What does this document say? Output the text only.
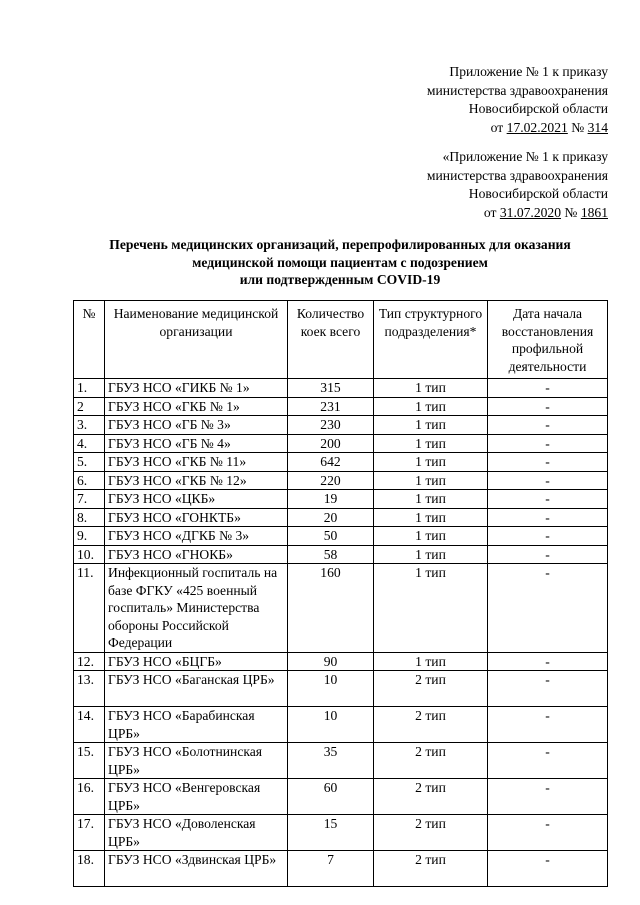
Приложение № 1 к приказу
министерства здравоохранения
Новосибирской области
от 17.02.2021 № 314
«Приложение № 1 к приказу
министерства здравоохранения
Новосибирской области
от 31.07.2020 № 1861
Перечень медицинских организаций, перепрофилированных для оказания
медицинской помощи пациентам с подозрением
или подтвержденным COVID-19
№	Наименование медицинской организации	Количество коек всего	Тип структурного подразделения*	Дата начала восстановления профильной деятельности
1.	ГБУЗ НСО «ГИКБ № 1»	315	1 тип	-
2	ГБУЗ НСО «ГКБ № 1»	231	1 тип	-
3.	ГБУЗ НСО «ГБ № 3»	230	1 тип	-
4.	ГБУЗ НСО «ГБ № 4»	200	1 тип	-
5.	ГБУЗ НСО «ГКБ № 11»	642	1 тип	-
6.	ГБУЗ НСО «ГКБ № 12»	220	1 тип	-
7.	ГБУЗ НСО «ЦКБ»	19	1 тип	-
8.	ГБУЗ НСО «ГОНКТБ»	20	1 тип	-
9.	ГБУЗ НСО «ДГКБ № 3»	50	1 тип	-
10.	ГБУЗ НСО «ГНОКБ»	58	1 тип	-
11.	Инфекционный госпиталь на базе ФГКУ «425 военный госпиталь» Министерства обороны Российской Федерации	160	1 тип	-
12.	ГБУЗ НСО «БЦГБ»	90	1 тип	-
13.	ГБУЗ НСО «Баганская ЦРБ»	10	2 тип	-
14.	ГБУЗ НСО «Барабинская ЦРБ»	10	2 тип	-
15.	ГБУЗ НСО «Болотнинская ЦРБ»	35	2 тип	-
16.	ГБУЗ НСО «Венгеровская ЦРБ»	60	2 тип	-
17.	ГБУЗ НСО «Доволенская ЦРБ»	15	2 тип	-
18.	ГБУЗ НСО «Здвинская ЦРБ»	7	2 тип	-
